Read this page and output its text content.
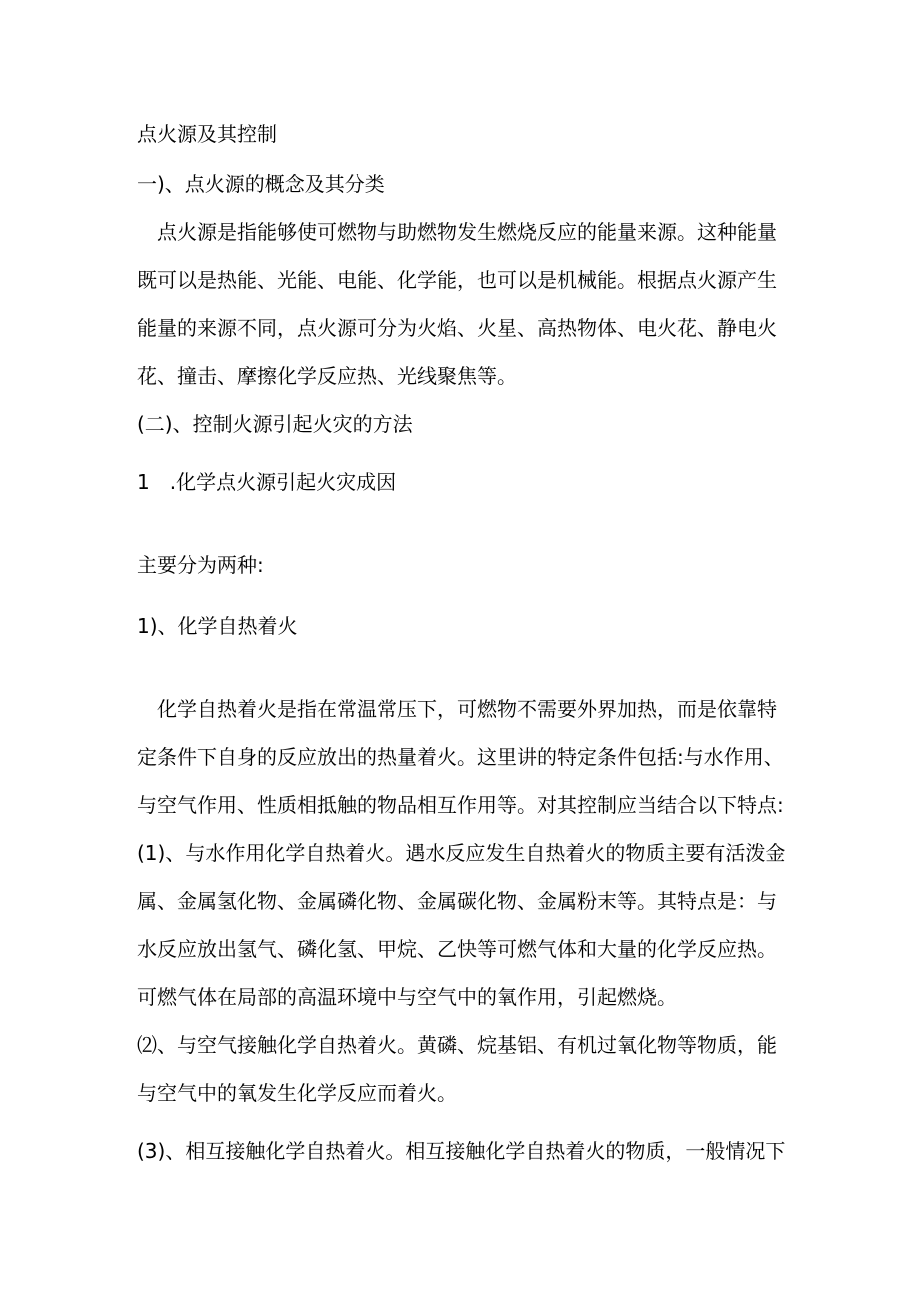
点火源及其控制
一)、点火源的概念及其分类
点火源是指能够使可燃物与助燃物发生燃烧反应的能量来源。这种能量
既可以是热能、光能、电能、化学能，也可以是机械能。根据点火源产生
能量的来源不同，点火源可分为火焰、火星、高热物体、电火花、静电火
花、撞击、摩擦化学反应热、光线聚焦等。
(二)、控制火源引起火灾的方法
1　.化学点火源引起火灾成因
主要分为两种:
1)、化学自热着火
化学自热着火是指在常温常压下，可燃物不需要外界加热，而是依靠特
定条件下自身的反应放出的热量着火。这里讲的特定条件包括:与水作用、
与空气作用、性质相抵触的物品相互作用等。对其控制应当结合以下特点:
(1)、与水作用化学自热着火。遇水反应发生自热着火的物质主要有活泼金
属、金属氢化物、金属磷化物、金属碳化物、金属粉末等。其特点是：与
水反应放出氢气、磷化氢、甲烷、乙快等可燃气体和大量的化学反应热。
可燃气体在局部的高温环境中与空气中的氧作用，引起燃烧。
⑵、与空气接触化学自热着火。黄磷、烷基铝、有机过氧化物等物质，能
与空气中的氧发生化学反应而着火。
(3)、相互接触化学自热着火。相互接触化学自热着火的物质，一般情况下
